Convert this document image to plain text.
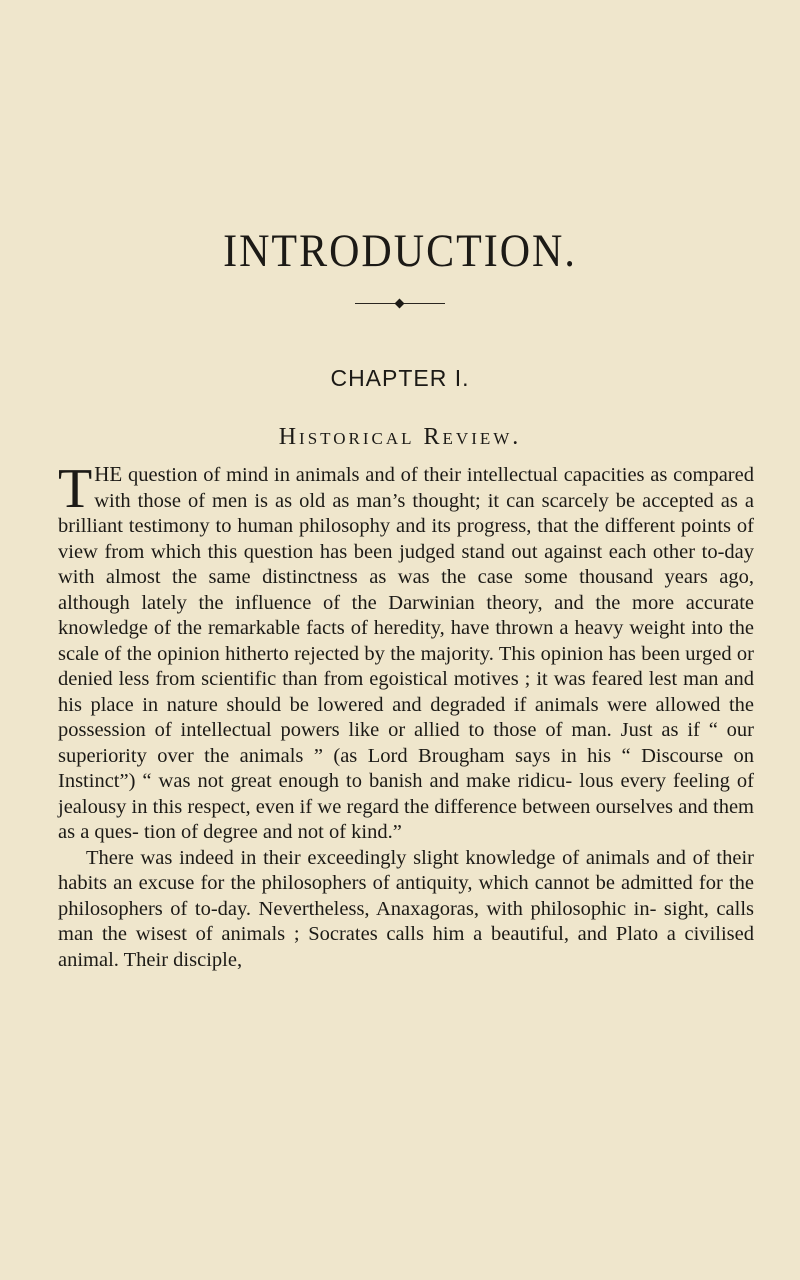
INTRODUCTION.
CHAPTER I.
Historical Review.

THE question of mind in animals and of their intellectual capacities as compared with those of men is as old as man’s thought; it can scarcely be accepted as a brilliant testimony to human philosophy and its progress, that the different points of view from which this question has been judged stand out against each other to-day with almost the same distinctness as was the case some thousand years ago, although lately the influence of the Darwinian theory, and the more accurate knowledge of the remarkable facts of heredity, have thrown a heavy weight into the scale of the opinion hitherto rejected by the majority. This opinion has been urged or denied less from scientific than from egoistical motives ; it was feared lest man and his place in nature should be lowered and degraded if animals were allowed the possession of intellectual powers like or allied to those of man. Just as if “ our superiority over the animals ” (as Lord Brougham says in his “ Discourse on Instinct”) “ was not great enough to banish and make ridicu- lous every feeling of jealousy in this respect, even if we regard the difference between ourselves and them as a ques- tion of degree and not of kind.”

There was indeed in their exceedingly slight knowledge of animals and of their habits an excuse for the philosophers of antiquity, which cannot be admitted for the philosophers of to-day. Nevertheless, Anaxagoras, with philosophic in- sight, calls man the wisest of animals ; Socrates calls him a beautiful, and Plato a civilised animal. Their disciple,
